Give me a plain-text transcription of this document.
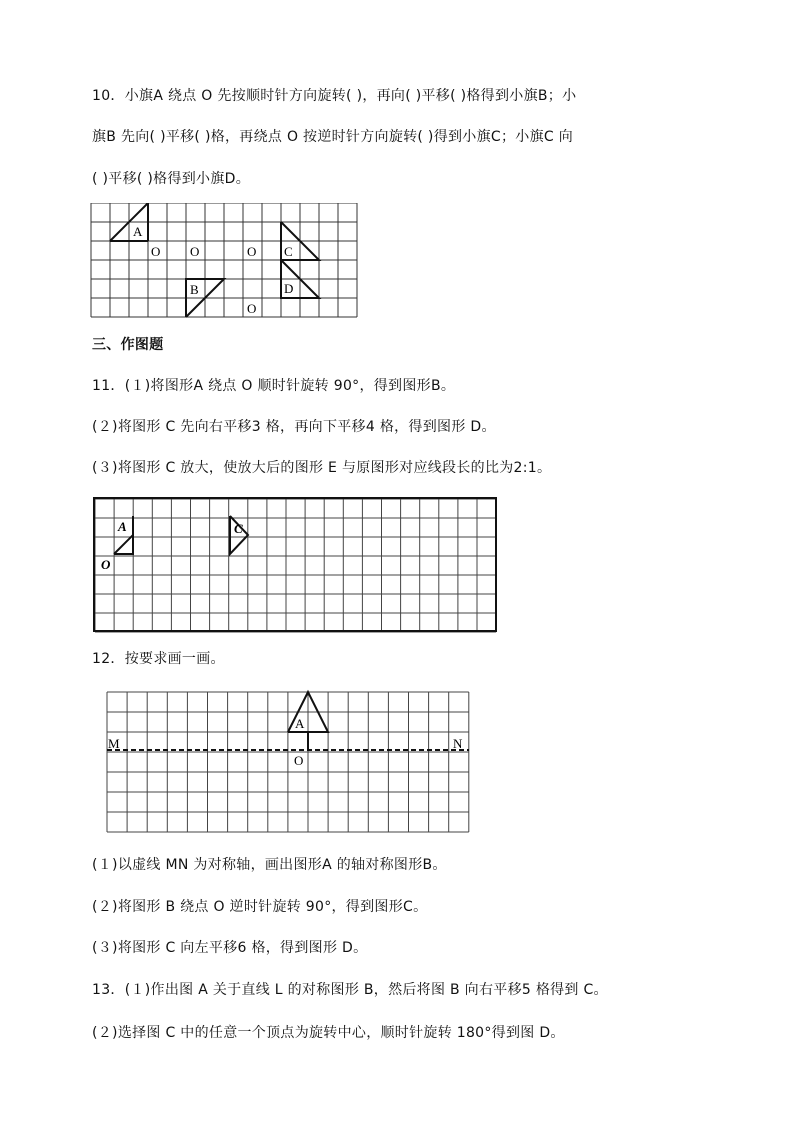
10．小旗A 绕点 O 先按顺时针方向旋转( )，再向( )平移( )格得到小旗B；小
旗B 先向( )平移( )格，再绕点 O 按逆时针方向旋转( )得到小旗C；小旗C 向
( )平移( )格得到小旗D。
A
C
D
B
O O	O
O
三、作图题
11．(１)将图形A 绕点 O 顺时针旋转 90°，得到图形B。
(２)将图形 C 先向右平移3 格，再向下平移4 格，得到图形 D。
(３)将图形 C 放大，使放大后的图形 E 与原图形对应线段长的比为2:1。
A	C
O
12．按要求画一画。
A
M	N
O
(１)以虚线 MN 为对称轴，画出图形A 的轴对称图形B。
(２)将图形 B 绕点 O 逆时针旋转 90°，得到图形C。
(３)将图形 C 向左平移6 格，得到图形 D。
13．(１)作出图 A 关于直线 L 的对称图形 B，然后将图 B 向右平移5 格得到 C。
(２)选择图 C 中的任意一个顶点为旋转中心，顺时针旋转 180°得到图 D。
